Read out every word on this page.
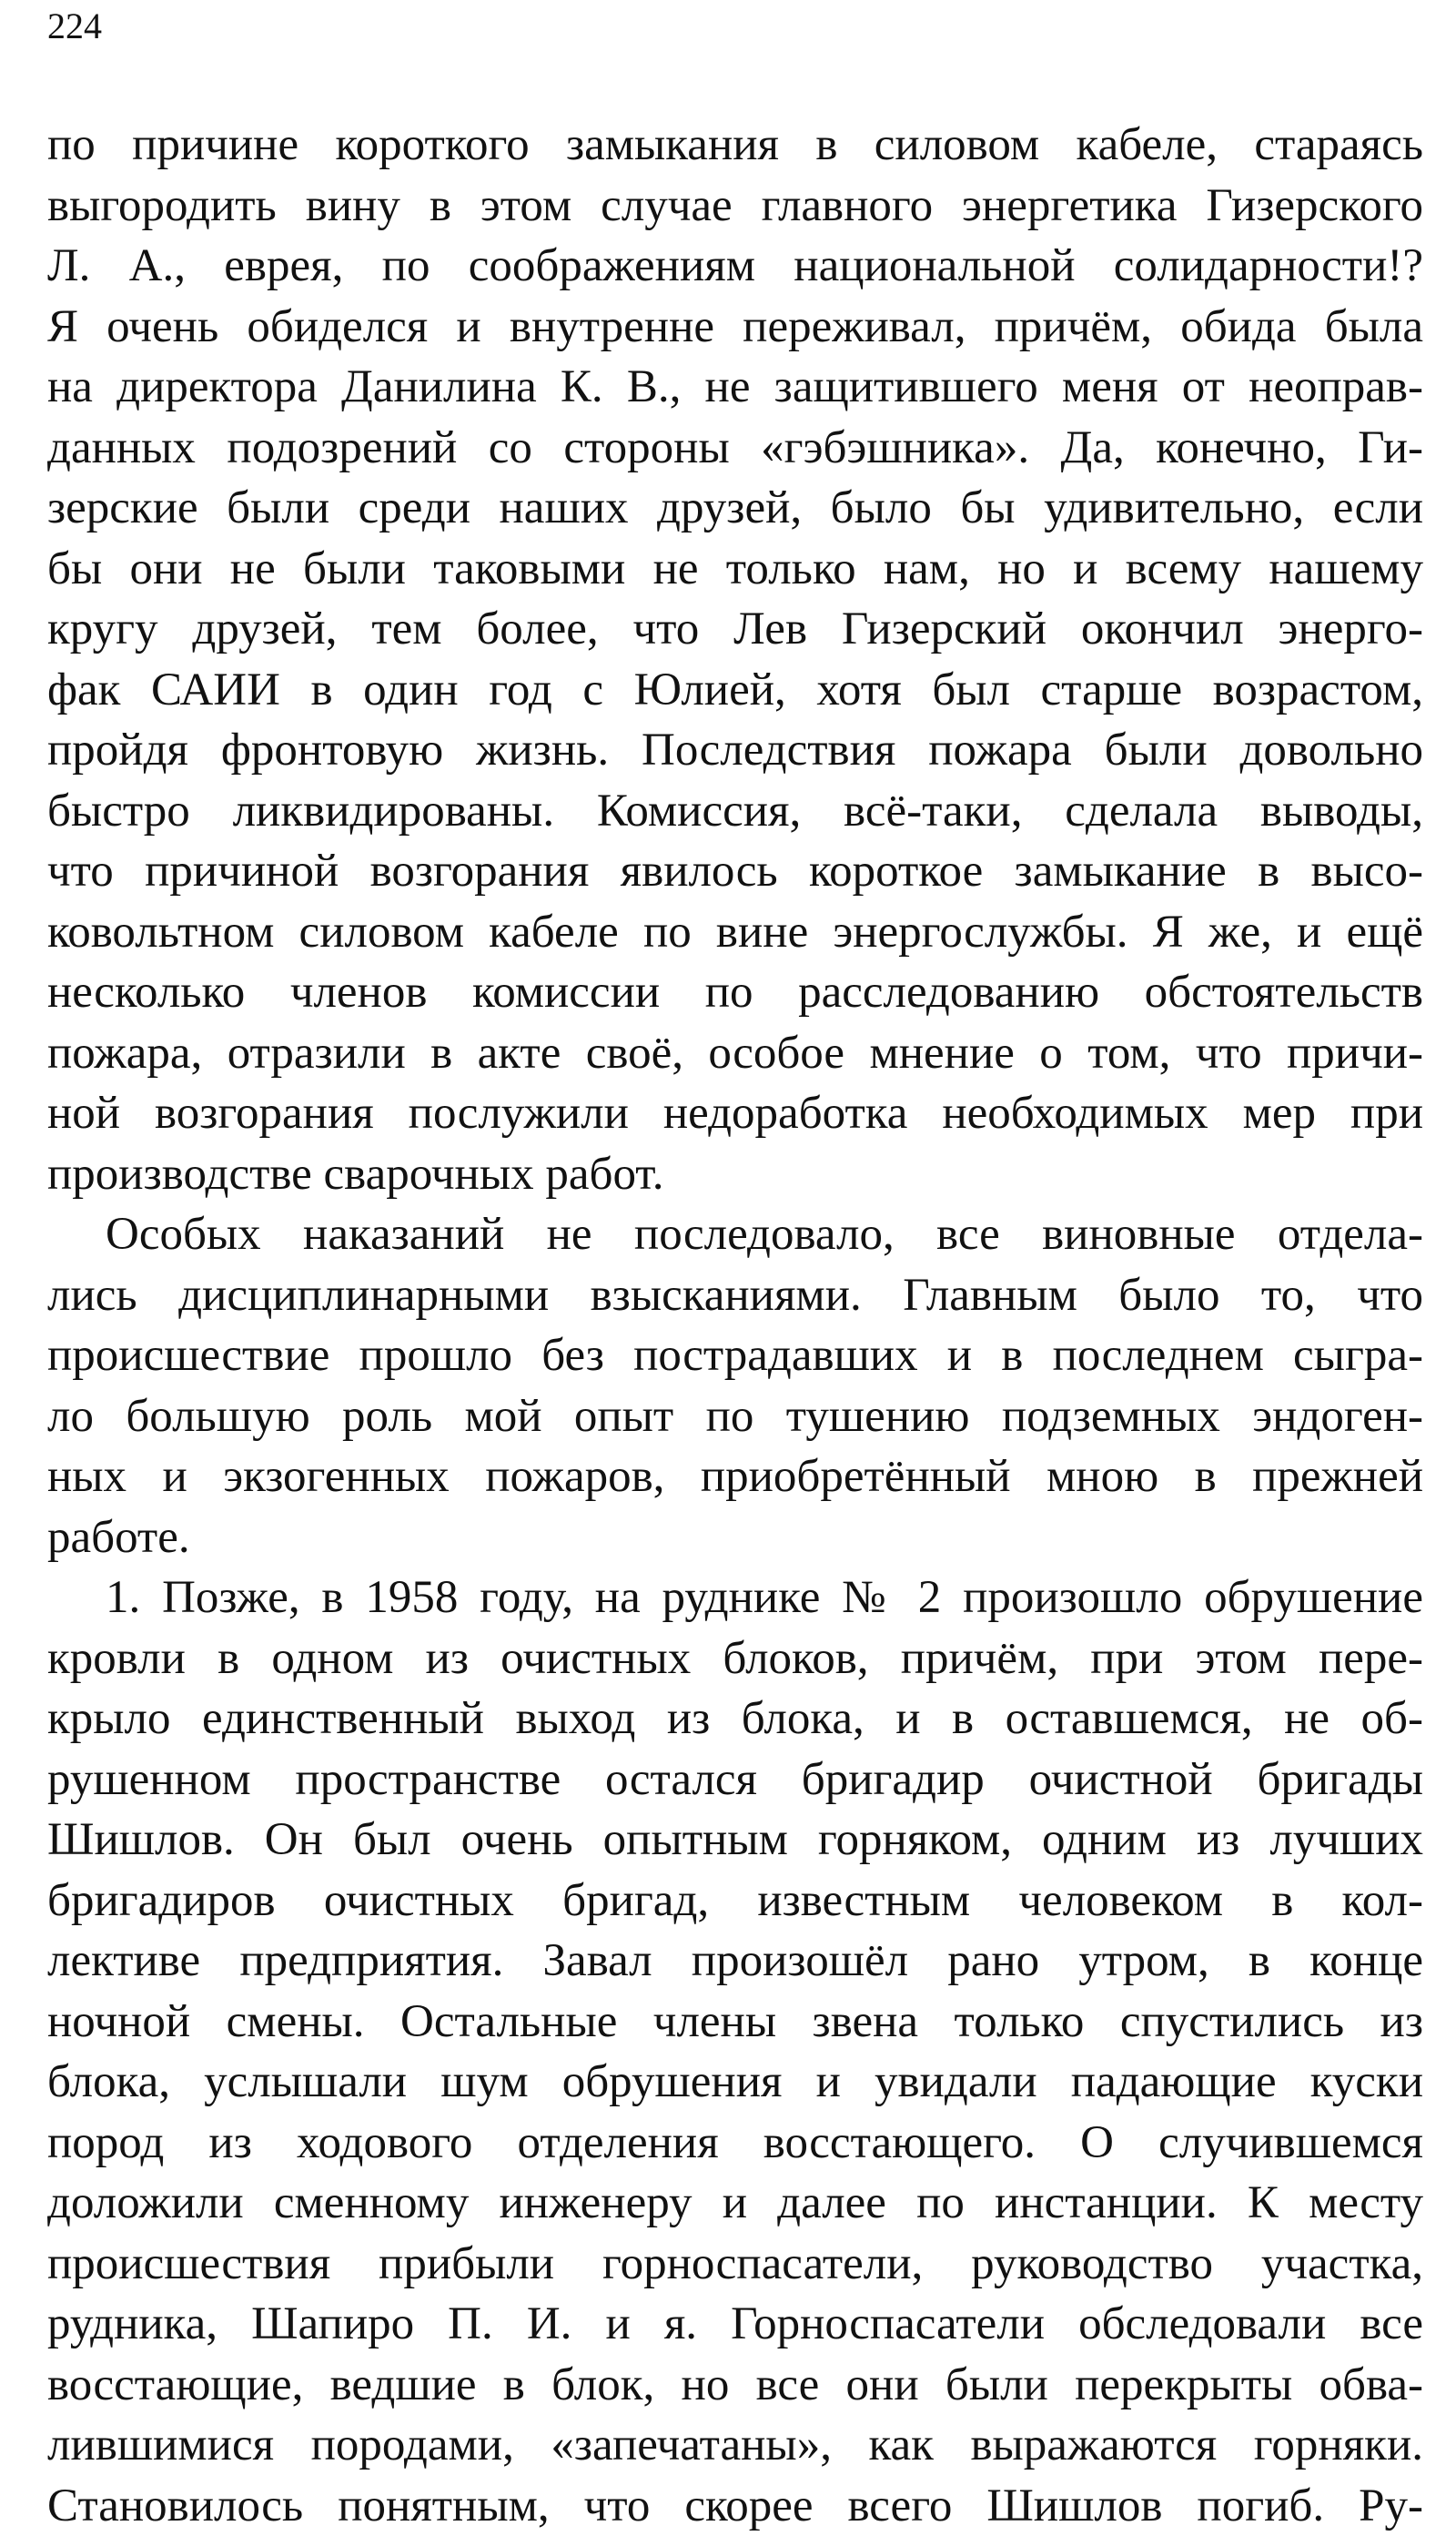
224
по причине короткого замыкания в силовом кабеле, стараясь
выгородить вину в этом случае главного энергетика Гизерского
Л. А., еврея, по соображениям национальной солидарности!?
Я очень обиделся и внутренне переживал, причём, обида была
на директора Данилина К. В., не защитившего меня от неоправ-
данных подозрений со стороны «гэбэшника». Да, конечно, Ги-
зерские были среди наших друзей, было бы удивительно, если
бы они не были таковыми не только нам, но и всему нашему
кругу друзей, тем более, что Лев Гизерский окончил энерго-
фак САИИ в один год с Юлией, хотя был старше возрастом,
пройдя фронтовую жизнь. Последствия пожара были довольно
быстро ликвидированы. Комиссия, всё-таки, сделала выводы,
что причиной возгорания явилось короткое замыкание в высо-
ковольтном силовом кабеле по вине энергослужбы. Я же, и ещё
несколько членов комиссии по расследованию обстоятельств
пожара, отразили в акте своё, особое мнение о том, что причи-
ной возгорания послужили недоработка необходимых мер при
производстве сварочных работ.
Особых наказаний не последовало, все виновные отдела-
лись дисциплинарными взысканиями. Главным было то, что
происшествие прошло без пострадавших и в последнем сыгра-
ло большую роль мой опыт по тушению подземных эндоген-
ных и экзогенных пожаров, приобретённый мною в прежней
работе.
1. Позже, в 1958 году, на руднике № 2 произошло обрушение
кровли в одном из очистных блоков, причём, при этом пере-
крыло единственный выход из блока, и в оставшемся, не об-
рушенном пространстве остался бригадир очистной бригады
Шишлов. Он был очень опытным горняком, одним из лучших
бригадиров очистных бригад, известным человеком в кол-
лективе предприятия. Завал произошёл рано утром, в конце
ночной смены. Остальные члены звена только спустились из
блока, услышали шум обрушения и увидали падающие куски
пород из ходового отделения восстающего. О случившемся
доложили сменному инженеру и далее по инстанции. К месту
происшествия прибыли горноспасатели, руководство участка,
рудника, Шапиро П. И. и я. Горноспасатели обследовали все
восстающие, ведшие в блок, но все они были перекрыты обва-
лившимися породами, «запечатаны», как выражаются горняки.
Становилось понятным, что скорее всего Шишлов погиб. Ру-
